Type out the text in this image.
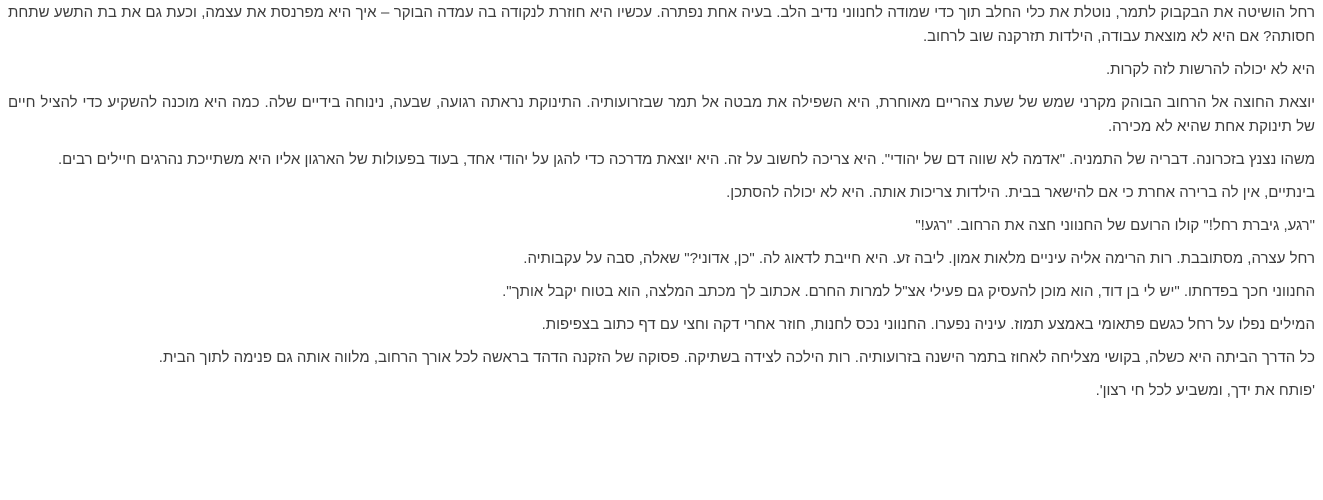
רחל הושיטה את הבקבוק לתמר, נוטלת את כלי החלב תוך כדי שמודה לחנווני נדיב הלב. בעיה אחת נפתרה. עכשיו היא חוזרת לנקודה בה עמדה הבוקר – איך היא מפרנסת את עצמה, וכעת גם את בת התשע שתחת חסותה? אם היא לא מוצאת עבודה, הילדות תזרקנה שוב לרחוב.

היא לא יכולה להרשות לזה לקרות.

יוצאת החוצה אל הרחוב הבוהק מקרני שמש של שעת צהריים מאוחרת, היא השפילה את מבטה אל תמר שבזרועותיה. התינוקת נראתה רגועה, שבעה, נינוחה בידיים שלה. כמה היא מוכנה להשקיע כדי להציל חיים של תינוקת אחת שהיא לא מכירה.

משהו נצנץ בזכרונה. דבריה של התמניה. "אדמה לא שווה דם של יהודי". היא צריכה לחשוב על זה. היא יוצאת מדרכה כדי להגן על יהודי אחד, בעוד בפעולות של הארגון אליו היא משתייכת נהרגים חיילים רבים.

בינתיים, אין לה ברירה אחרת כי אם להישאר בבית. הילדות צריכות אותה. היא לא יכולה להסתכן.

"רגע, גיברת רחל!" קולו הרועם של החנווני חצה את הרחוב. "רגע!"

רחל עצרה, מסתובבת. רות הרימה אליה עיניים מלאות אמון. ליבה זע. היא חייבת לדאוג לה. "כן, אדוני?" שאלה, סבה על עקבותיה.

החנווני חכך בפדחתו. "יש לי בן דוד, הוא מוכן להעסיק גם פעילי אצ"ל למרות החרם. אכתוב לך מכתב המלצה, הוא בטוח יקבל אותך".

המילים נפלו על רחל כגשם פתאומי באמצע תמוז. עיניה נפערו. החנווני נכס לחנות, חוזר אחרי דקה וחצי עם דף כתוב בצפיפות.

כל הדרך הביתה היא כשלה, בקושי מצליחה לאחוז בתמר הישנה בזרועותיה. רות הילכה לצידה בשתיקה. פסוקה של הזקנה הדהד בראשה לכל אורך הרחוב, מלווה אותה גם פנימה לתוך הבית.

'פותח את ידך, ומשביע לכל חי רצון'.
